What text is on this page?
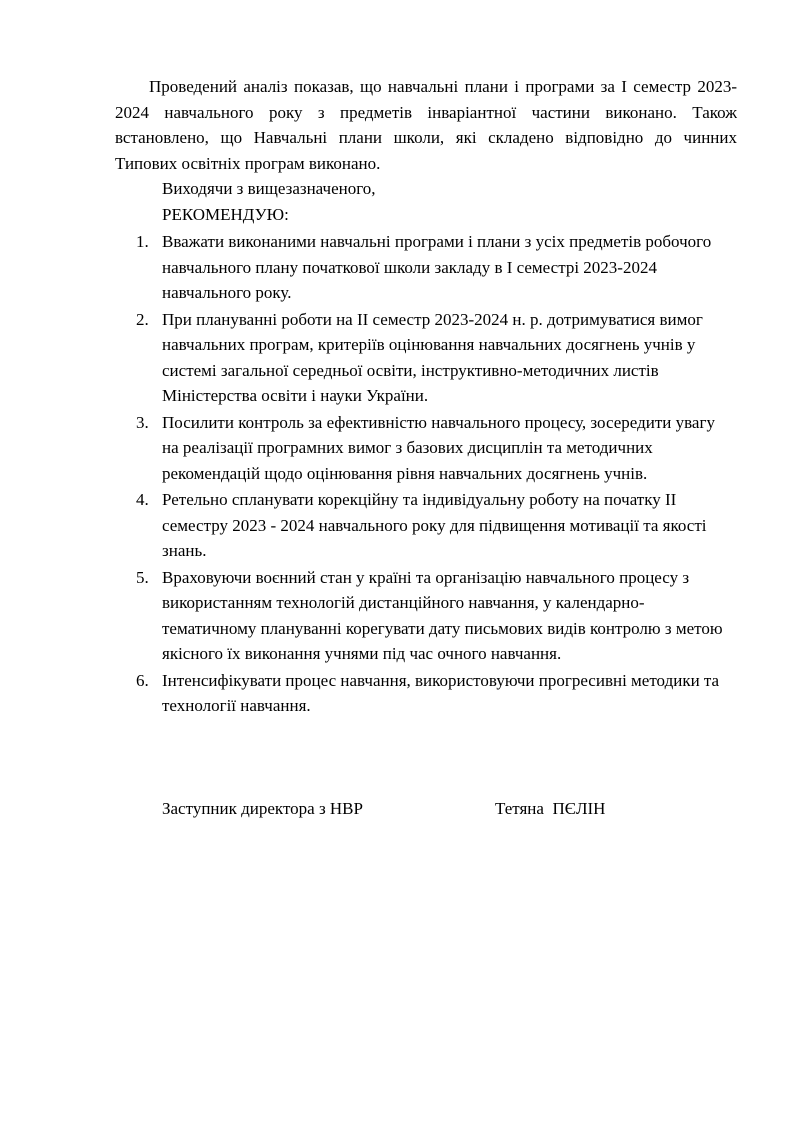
Проведений аналіз показав, що навчальні плани і програми за І семестр 2023-2024 навчального року з предметів інваріантної частини виконано. Також встановлено, що Навчальні плани школи, які складено відповідно до чинних Типових освітніх програм виконано.

Виходячи з вищезазначеного,

РЕКОМЕНДУЮ:

1. Вважати виконаними навчальні програми і плани з усіх предметів робочого навчального плану початкової школи закладу в І семестрі 2023-2024 навчального року.
2. При плануванні роботи на ІІ семестр 2023-2024 н. р. дотримуватися вимог навчальних програм, критеріїв оцінювання навчальних досягнень учнів у системі загальної середньої освіти, інструктивно-методичних листів Міністерства освіти і науки України.
3. Посилити контроль за ефективністю навчального процесу, зосередити увагу на реалізації програмних вимог з базових дисциплін та методичних рекомендацій щодо оцінювання рівня навчальних досягнень учнів.
4. Ретельно спланувати корекційну та індивідуальну роботу на початку ІІ семестру 2023 - 2024 навчального року для підвищення мотивації та якості знань.
5. Враховуючи воєнний стан у країні та організацію навчального процесу з використанням технологій дистанційного навчання, у календарно-тематичному плануванні корегувати дату письмових видів контролю з метою якісного їх виконання учнями під час очного навчання.
6. Інтенсифікувати процес навчання, використовуючи прогресивні методики та технології навчання.

Заступник директора з НВР	Тетяна  ПЄЛІН
